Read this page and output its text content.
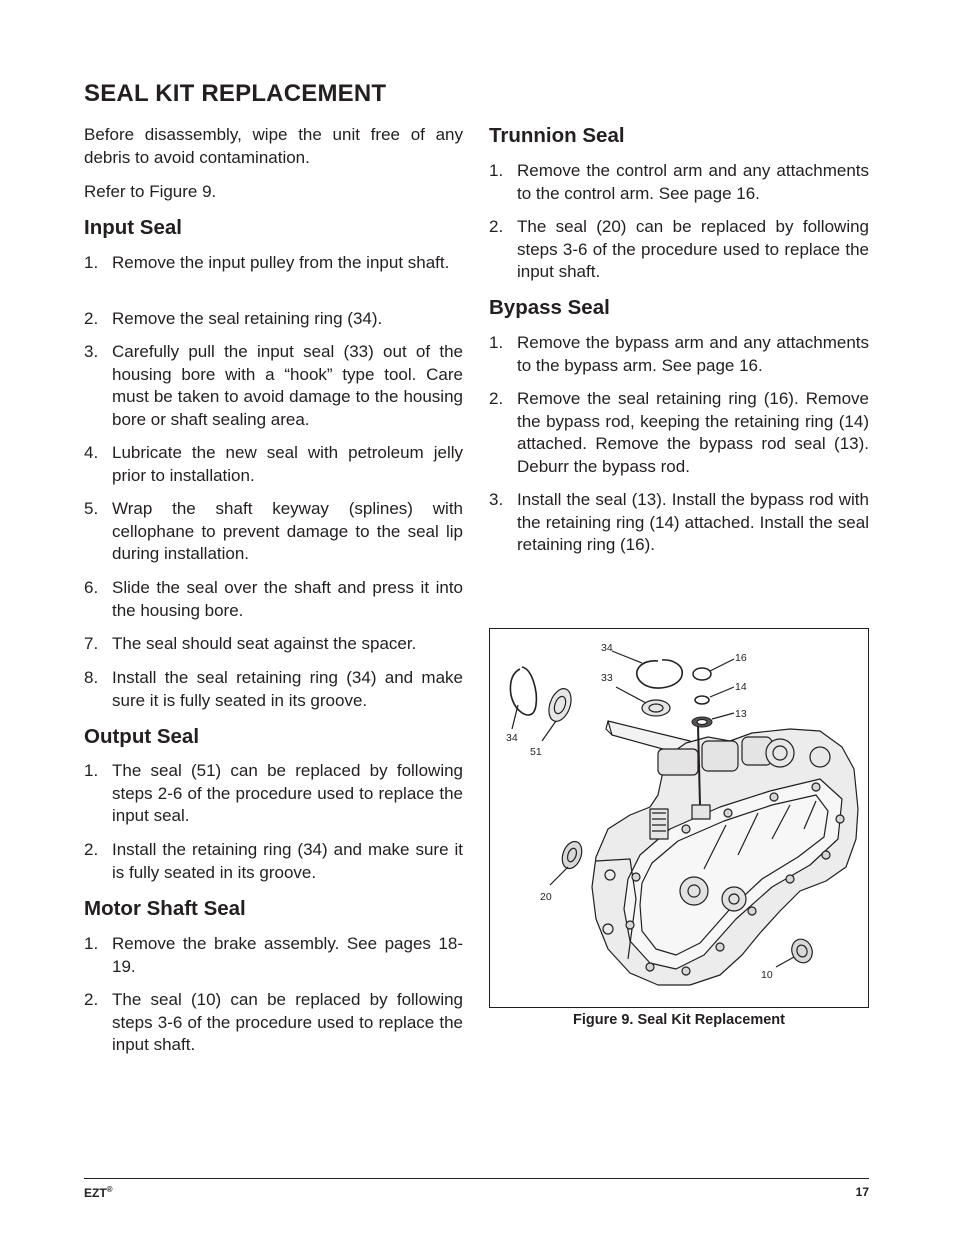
SEAL KIT REPLACEMENT

Before disassembly, wipe the unit free of any debris to avoid contamination.

Refer to Figure 9.

Input Seal
1. Remove the input pulley from the input shaft.
2. Remove the seal retaining ring (34).
3. Carefully pull the input seal (33) out of the housing bore with a “hook” type tool. Care must be taken to avoid damage to the housing bore or shaft sealing area.
4. Lubricate the new seal with petroleum jelly prior to installation.
5. Wrap the shaft keyway (splines) with cellophane to prevent damage to the seal lip during installation.
6. Slide the seal over the shaft and press it into the housing bore.
7. The seal should seat against the spacer.
8. Install the seal retaining ring (34) and make sure it is fully seated in its groove.
Output Seal
1. The seal (51) can be replaced by following steps 2-6 of the procedure used to replace the input seal.
2. Install the retaining ring (34) and make sure it is fully seated in its groove.
Motor Shaft Seal
1. Remove the brake assembly. See pages 18-19.
2. The seal (10) can be replaced by following steps 3-6 of the procedure used to replace the input shaft.
Trunnion Seal
1. Remove the control arm and any attachments to the control arm. See page 16.
2. The seal (20) can be replaced by following steps 3-6 of the procedure used to replace the input shaft.
Bypass Seal
1. Remove the bypass arm and any attachments to the bypass arm. See page 16.
2. Remove the seal retaining ring (16). Remove the bypass rod, keeping the retaining ring (14) attached. Remove the bypass rod seal (13). Deburr the bypass rod.
3. Install the seal (13). Install the bypass rod with the retaining ring (14) attached. Install the seal retaining ring (16).
34
33
16
14
13
34
51
20
10

Figure 9. Seal Kit Replacement

EZT®	17
